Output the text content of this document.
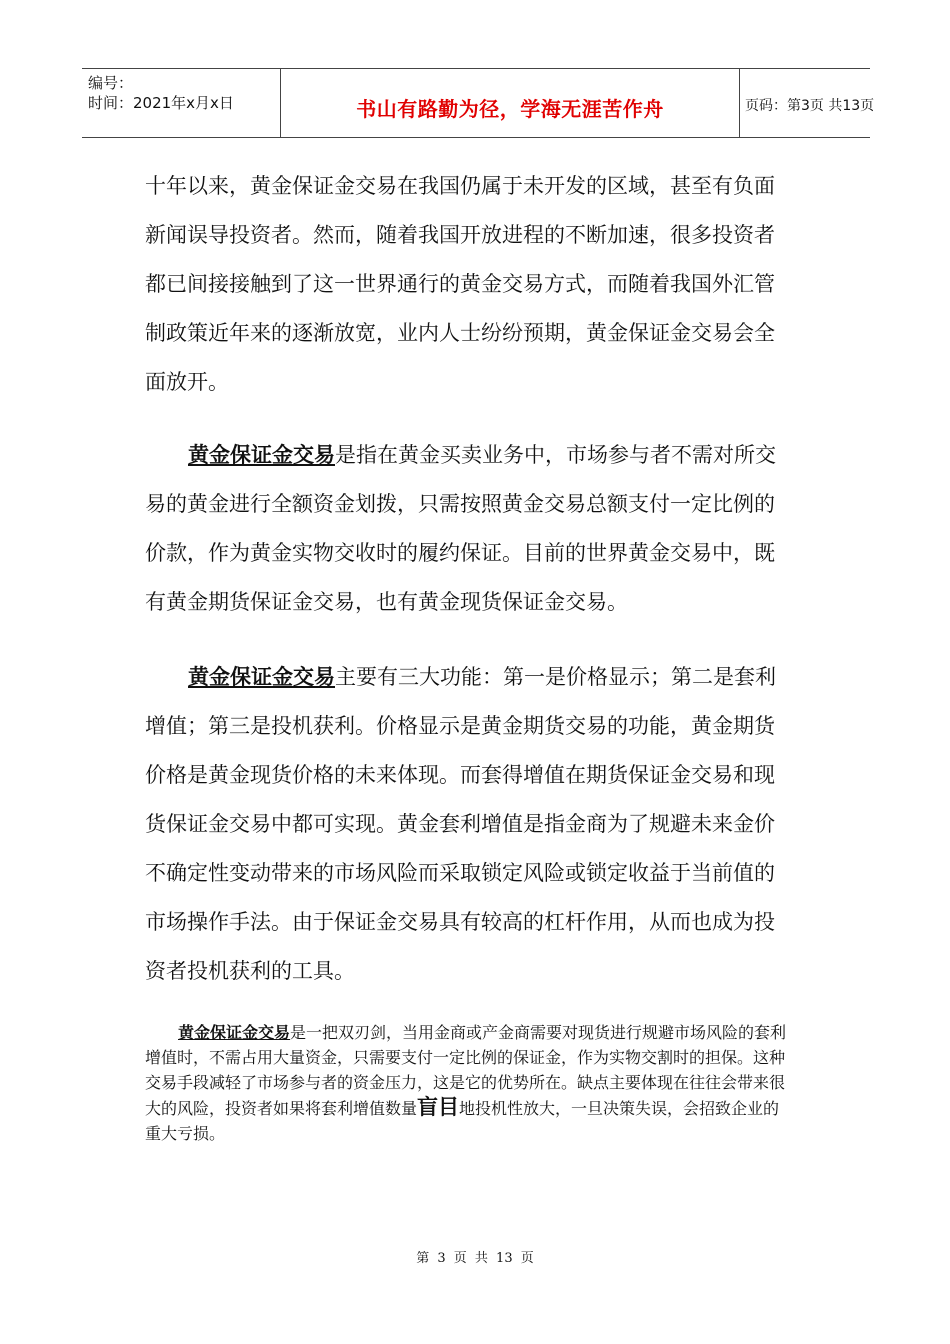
编号：
时间：2021年x月x日	书山有路勤为径，学海无涯苦作舟	页码：第3页 共13页
十年以来，黄金保证金交易在我国仍属于未开发的区域，甚至有负面新闻误导投资者。然而，随着我国开放进程的不断加速，很多投资者都已间接接触到了这一世界通行的黄金交易方式，而随着我国外汇管制政策近年来的逐渐放宽，业内人士纷纷预期，黄金保证金交易会全面放开。
黄金保证金交易是指在黄金买卖业务中，市场参与者不需对所交易的黄金进行全额资金划拨，只需按照黄金交易总额支付一定比例的价款，作为黄金实物交收时的履约保证。目前的世界黄金交易中，既有黄金期货保证金交易，也有黄金现货保证金交易。
黄金保证金交易主要有三大功能：第一是价格显示；第二是套利增值；第三是投机获利。价格显示是黄金期货交易的功能，黄金期货价格是黄金现货价格的未来体现。而套得增值在期货保证金交易和现货保证金交易中都可实现。黄金套利增值是指金商为了规避未来金价不确定性变动带来的市场风险而采取锁定风险或锁定收益于当前值的市场操作手法。由于保证金交易具有较高的杠杆作用，从而也成为投资者投机获利的工具。
黄金保证金交易是一把双刃剑，当用金商或产金商需要对现货进行规避市场风险的套利增值时，不需占用大量资金，只需要支付一定比例的保证金，作为实物交割时的担保。这种交易手段减轻了市场参与者的资金压力，这是它的优势所在。缺点主要体现在往往会带来很大的风险，投资者如果将套利增值数量盲目地投机性放大，一旦决策失误，会招致企业的重大亏损。
第 3 页 共 13 页
